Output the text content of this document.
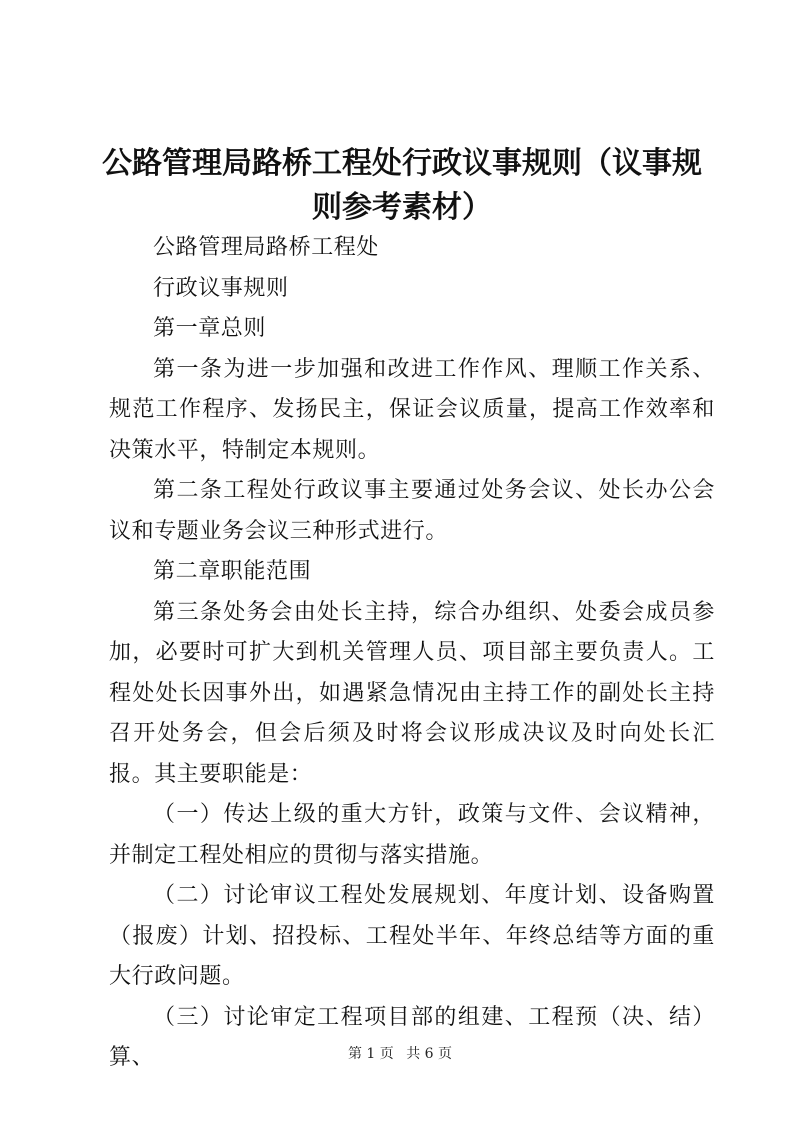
公路管理局路桥工程处行政议事规则（议事规则参考素材）

公路管理局路桥工程处

行政议事规则

第一章总则

第一条为进一步加强和改进工作作风、理顺工作关系、规范工作程序、发扬民主，保证会议质量，提高工作效率和决策水平，特制定本规则。

第二条工程处行政议事主要通过处务会议、处长办公会议和专题业务会议三种形式进行。

第二章职能范围

第三条处务会由处长主持，综合办组织、处委会成员参加，必要时可扩大到机关管理人员、项目部主要负责人。工程处处长因事外出，如遇紧急情况由主持工作的副处长主持召开处务会，但会后须及时将会议形成决议及时向处长汇报。其主要职能是：

（一）传达上级的重大方针，政策与文件、会议精神，并制定工程处相应的贯彻与落实措施。

（二）讨论审议工程处发展规划、年度计划、设备购置（报废）计划、招投标、工程处半年、年终总结等方面的重大行政问题。

（三）讨论审定工程项目部的组建、工程预（决、结）算、	第 1 页 共 6 页
